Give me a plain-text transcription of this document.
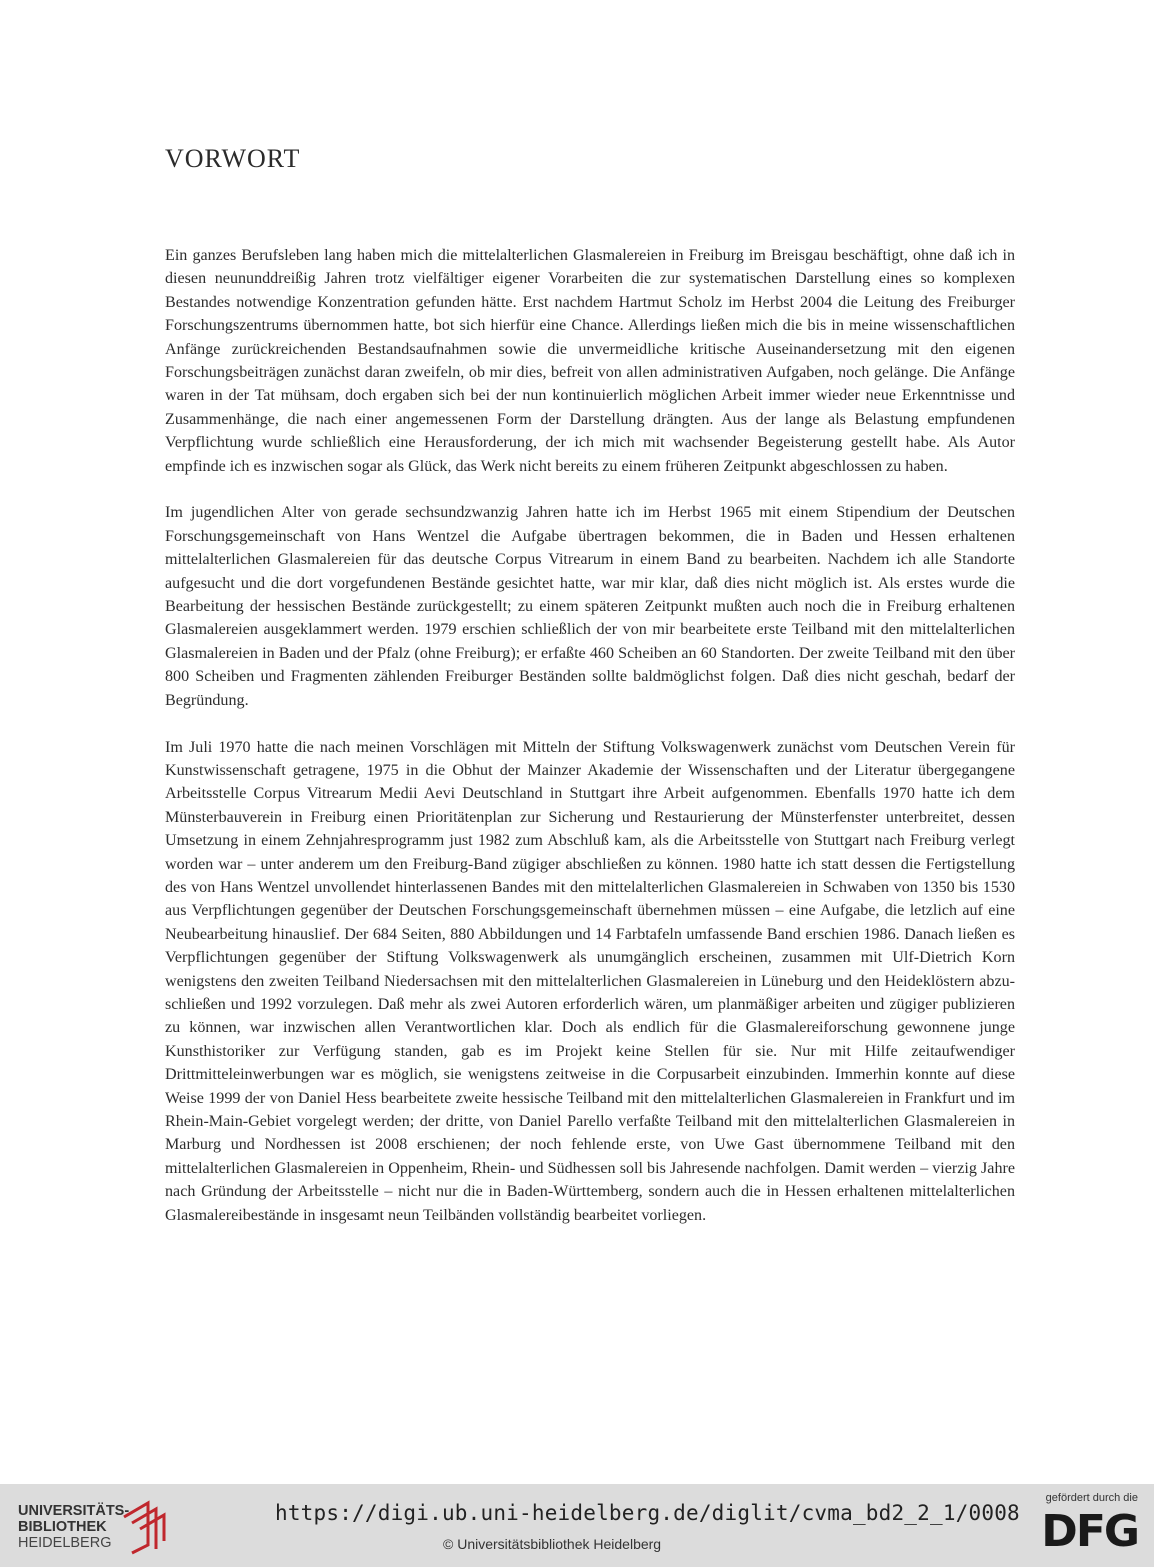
VORWORT

Ein ganzes Berufsleben lang haben mich die mittelalterlichen Glasmalereien in Freiburg im Breisgau beschäftigt, ohne daß ich in diesen neununddreißig Jahren trotz vielfältiger eigener Vorarbeiten die zur systematischen Darstellung eines so komplexen Bestandes notwendige Konzentration gefunden hätte. Erst nachdem Hartmut Scholz im Herbst 2004 die Leitung des Freiburger Forschungszentrums übernommen hatte, bot sich hierfür eine Chance. Allerdings ließen mich die bis in meine wissenschaftlichen Anfänge zurückreichenden Bestandsaufnahmen sowie die unvermeidliche kritische Auseinandersetzung mit den eigenen Forschungsbeiträgen zunächst daran zweifeln, ob mir dies, befreit von allen administrativen Aufgaben, noch gelänge. Die Anfänge waren in der Tat mühsam, doch ergaben sich bei der nun kontinuierlich möglichen Arbeit immer wieder neue Erkenntnisse und Zusammenhänge, die nach einer angemessenen Form der Darstellung drängten. Aus der lange als Belastung empfundenen Verpflichtung wurde schließlich eine Herausforderung, der ich mich mit wachsender Begeisterung gestellt habe. Als Autor empfinde ich es inzwischen sogar als Glück, das Werk nicht bereits zu einem früheren Zeitpunkt abgeschlossen zu haben.

Im jugendlichen Alter von gerade sechsundzwanzig Jahren hatte ich im Herbst 1965 mit einem Stipendium der Deutschen Forschungsgemeinschaft von Hans Wentzel die Aufgabe übertragen bekommen, die in Baden und Hessen erhaltenen mittelalterlichen Glasmalereien für das deutsche Corpus Vitrearum in einem Band zu bearbeiten. Nachdem ich alle Standorte aufgesucht und die dort vorgefundenen Bestände gesichtet hatte, war mir klar, daß dies nicht möglich ist. Als erstes wurde die Bearbeitung der hessischen Bestände zurückgestellt; zu einem späteren Zeitpunkt mußten auch noch die in Freiburg erhaltenen Glasmalereien ausgeklammert werden. 1979 erschien schließlich der von mir bearbeitete erste Teilband mit den mittelalterlichen Glasmalereien in Baden und der Pfalz (ohne Freiburg); er erfaßte 460 Scheiben an 60 Standorten. Der zweite Teilband mit den über 800 Scheiben und Fragmenten zählenden Freiburger Beständen sollte baldmöglichst folgen. Daß dies nicht geschah, bedarf der Begründung.

Im Juli 1970 hatte die nach meinen Vorschlägen mit Mitteln der Stiftung Volkswagenwerk zunächst vom Deutschen Verein für Kunstwissenschaft getragene, 1975 in die Obhut der Mainzer Akademie der Wissenschaften und der Literatur übergegangene Arbeitsstelle Corpus Vitrearum Medii Aevi Deutschland in Stuttgart ihre Arbeit aufgenommen. Ebenfalls 1970 hatte ich dem Münsterbauverein in Freiburg einen Prioritätenplan zur Sicherung und Restaurierung der Münsterfenster unterbreitet, dessen Umsetzung in einem Zehnjahresprogramm just 1982 zum Abschluß kam, als die Arbeitsstelle von Stuttgart nach Freiburg verlegt worden war – unter anderem um den Freiburg-Band zügiger abschließen zu können. 1980 hatte ich statt dessen die Fertigstellung des von Hans Wentzel unvollendet hinterlassenen Bandes mit den mittelalterlichen Glasmalereien in Schwaben von 1350 bis 1530 aus Verpflichtungen gegenüber der Deutschen Forschungsgemeinschaft übernehmen müssen – eine Aufgabe, die letzlich auf eine Neubearbeitung hinauslief. Der 684 Seiten, 880 Abbildungen und 14 Farbtafeln umfassende Band erschien 1986. Danach ließen es Verpflichtungen gegenüber der Stiftung Volkswagenwerk als unumgänglich erscheinen, zusammen mit Ulf-Dietrich Korn wenigstens den zweiten Teilband Niedersachsen mit den mittelalterlichen Glasmalereien in Lüneburg und den Heideklöstern abzuschließen und 1992 vorzulegen. Daß mehr als zwei Autoren erforderlich wären, um planmäßiger arbeiten und zügiger publizieren zu können, war inzwischen allen Verantwortlichen klar. Doch als endlich für die Glasmalereiforschung gewonnene junge Kunsthistoriker zur Verfügung standen, gab es im Projekt keine Stellen für sie. Nur mit Hilfe zeitaufwendiger Drittmitteleinwerbungen war es möglich, sie wenigstens zeitweise in die Corpusarbeit einzubinden. Immerhin konnte auf diese Weise 1999 der von Daniel Hess bearbeitete zweite hessische Teilband mit den mittelalterlichen Glasmalereien in Frankfurt und im Rhein-Main-Gebiet vorgelegt werden; der dritte, von Daniel Parello verfaßte Teilband mit den mittelalterlichen Glasmalereien in Marburg und Nordhessen ist 2008 erschienen; der noch fehlende erste, von Uwe Gast übernommene Teilband mit den mittelalterlichen Glasmalereien in Oppenheim, Rhein- und Südhessen soll bis Jahresende nachfolgen. Damit werden – vierzig Jahre nach Gründung der Arbeitsstelle – nicht nur die in Baden-Württemberg, sondern auch die in Hessen erhaltenen mittelalterlichen Glasmalereibestände in insgesamt neun Teilbänden vollständig bearbeitet vorliegen.

UNIVERSITÄTS-
BIBLIOTHEK
HEIDELBERG
https://digi.ub.uni-heidelberg.de/diglit/cvma_bd2_2_1/0008
© Universitätsbibliothek Heidelberg
gefördert durch die
DFG
